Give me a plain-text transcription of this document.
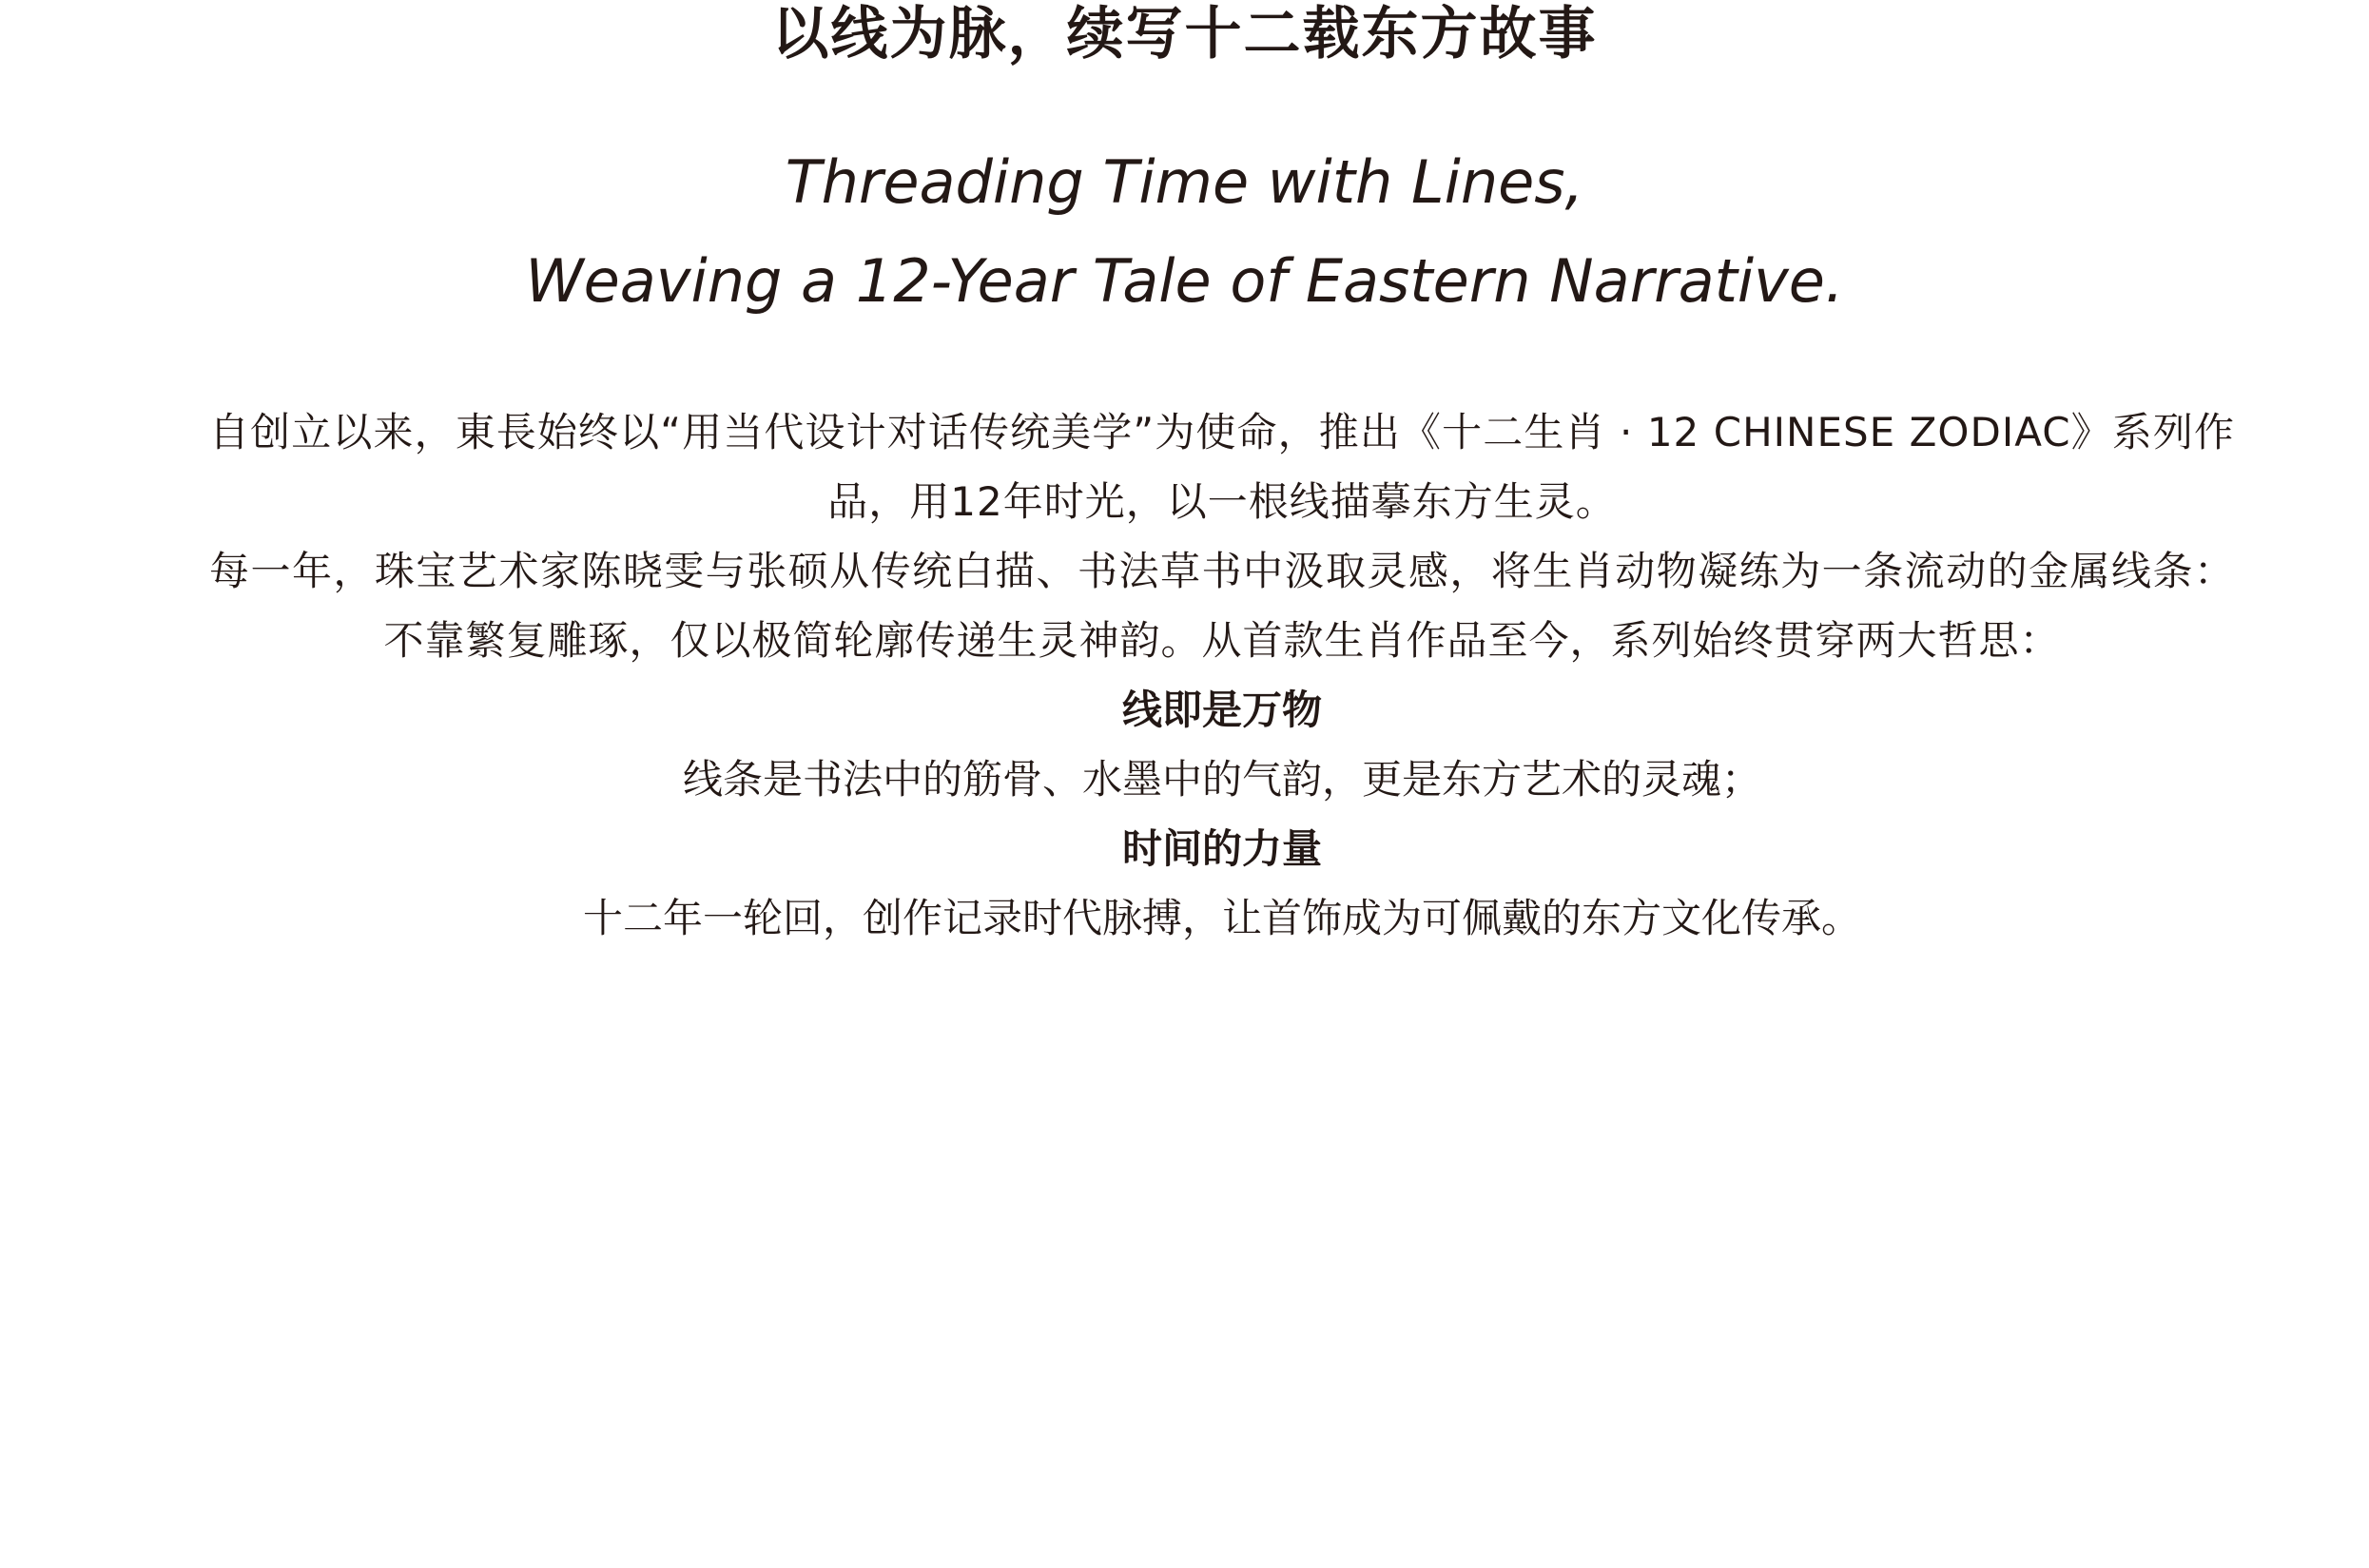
以线为脉，续写十二载东方故事
Threading Time with Lines,
Weaving a 12-Year Tale of Eastern Narrative.

自创立以来，東長始终以“用当代设计对话传统美学”为使命，推出《十二生肖 · 12 CHINESE ZODIAC》系列作品，用12年时光，以一根线描摹东方生灵。

每一年，珠宝艺术家陈晓雯与张硕从传统白描、书法草书中汲取灵感，将生肖动物凝练为一条流动的金属线条：不靠繁复雕琢，仅以极简轮廓传递生灵神韵。从首款生肖作品至今，系列始终贯穿两大哲思：

线即是万物

线条是书法中的筋骨、水墨中的气韵，更是东方艺术的灵魂；

时间的力量

十二年一轮回，创作记录时代脉搏，让首饰成为可佩戴的东方文化传承。
